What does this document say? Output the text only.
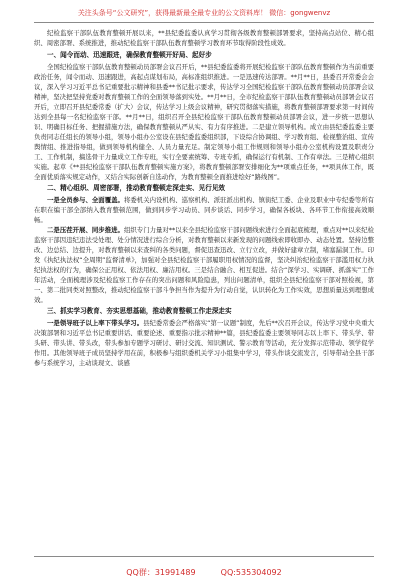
关注头条号“公文研究”，获得最新最全最专业的公文资料库！ 微信：gongwenvz

纪检监察干部队伍教育整顿开展以来，**县纪委监委认真学习贯彻各级教育整顿部署要求，坚持高点站位、精心组织、周密部署、系统推进，推动纪检监察干部队伍教育整顿学习教育环节取得阶段性成效。

一、闻令而动、迅速跟进，确保教育整顿开好局、起好步

全国纪检监察干部队伍教育整顿动员部署会议召开后，**县纪委监委将开展纪检监察干部队伍教育整顿作为当前重要政治任务，闻令而动、迅速跟进，高起点谋划布局，高标准组织推进。一是迅速传达部署。**月**日，县委召开常委会会议，深入学习习近平总书记重要批示精神和县委**书记批示要求，传达学习全国纪检监察干部队伍教育整顿动员部署会议精神，坚决把坚持党委对教育整顿工作的全面领导落到实处。**月**日，全市纪检监察干部队伍教育整顿动员部署会议召开后，立即召开县纪委常委（扩大）会议，传达学习上级会议精神，研究贯彻落实措施，将教育整顿部署要求第一时间传达到全县每一名纪检监察干部。**月**日，组织召开全县纪检监察干部队伍教育整顿动员部署会议，进一步统一思想认识、明确目标任务、把握措施方法，确保教育整顿从严从实、有力有序推进。二是建立领导机构。成立由县纪委监委主要负责同志任组长的领导小组，领导小组办公室设在县纪委监委组织部，下设综合协调组、学习教育组、检视整治组、宣传舆情组、推进指导组，做到领导机构健全、人员力量充足。制定领导小组工作规则和领导小组办公室机构设置及职责分工、工作机制，搞选骨干力量成立工作专班，实行全要素统筹、专班专抓，确保运行有机制、工作有章法。三是精心组织实施。起草《**县纪检监察干部队伍教育整顿实施方案》，将教育整顿部署安排细化为**项重点任务，**项具体工作，既全面优质落实规定动作，又结合实际创新自选动作，为教育整顿全面推进绘好“路线图”。

二、精心组织、周密部署，推动教育整顿走深走实、见行见效

一是全员参与、全面覆盖。将委机关内设机构、巡察机构、派驻派出机构、镇街纪工委、企业及职业中专纪委等所有在职在编干部全部纳入教育整顿范围，做到同步学习动员、同步谈话、同步学习，确保各板块、各环节工作衔接高效顺畅。

二是压茬开展、同步推进。组织专门力量对**以来全县纪检监察干部问题线索进行全面起底梳理，重点对**以来纪检监察干部因违纪违法受处理、处分情况进行综合分析，对教育整顿以来新发现的问题线索即收即办、动态处置。坚持边整改、边总结、边提升，对教育整顿以来查纠的各类问题，督促迅查迅改、立行立改，并做好建章立制，堵塞漏洞工作。印发《执纪执法权“全周期”监督清单》，加强对全县纪检监察干部履职用权情况的监督，坚决纠治纪检监察干部滥用权力执纪执法权的行为，确保公正用权、依法用权、廉洁用权。三是结合融合、相互促进。结合“深学习、实调研、抓落实”工作年活动，全面梳理涉及纪检监察工作存在的突出问题和风险隐患，列出问题清单，组织全县纪检监察干部对照检视，第一、第二批同类对照整改，推动纪检监察干部斗争担当作为提升为行动自觉，认识转化为工作实效，思想质量达到理想成效。

三、抓实学习教育、夯实思想基础，推动教育整顿工作走深走实

一是领导班子以上率下带头学习。县纪委常委会严格落实“第一议题”制度，先后**次召开会议，传达学习党中央重大决策部署和习近平总书记重要讲话、重要论述、重要指示批示精神**篇，县纪委监委主要领导同志以上率下、带头学、带头研、带头讲、带头改，带头参加专题学习研讨、研讨交流、知识测试、警示教育等活动，充分发挥示范带动、领学促学作用。其他领导班子成员坚持学用在前，积极参与组织委机关学习小组集中学习，带头作谈交流发言，引导带动全县干部参与系统学习，主动谈现文、谈感

QQ群：31991489	QQ:535304092
